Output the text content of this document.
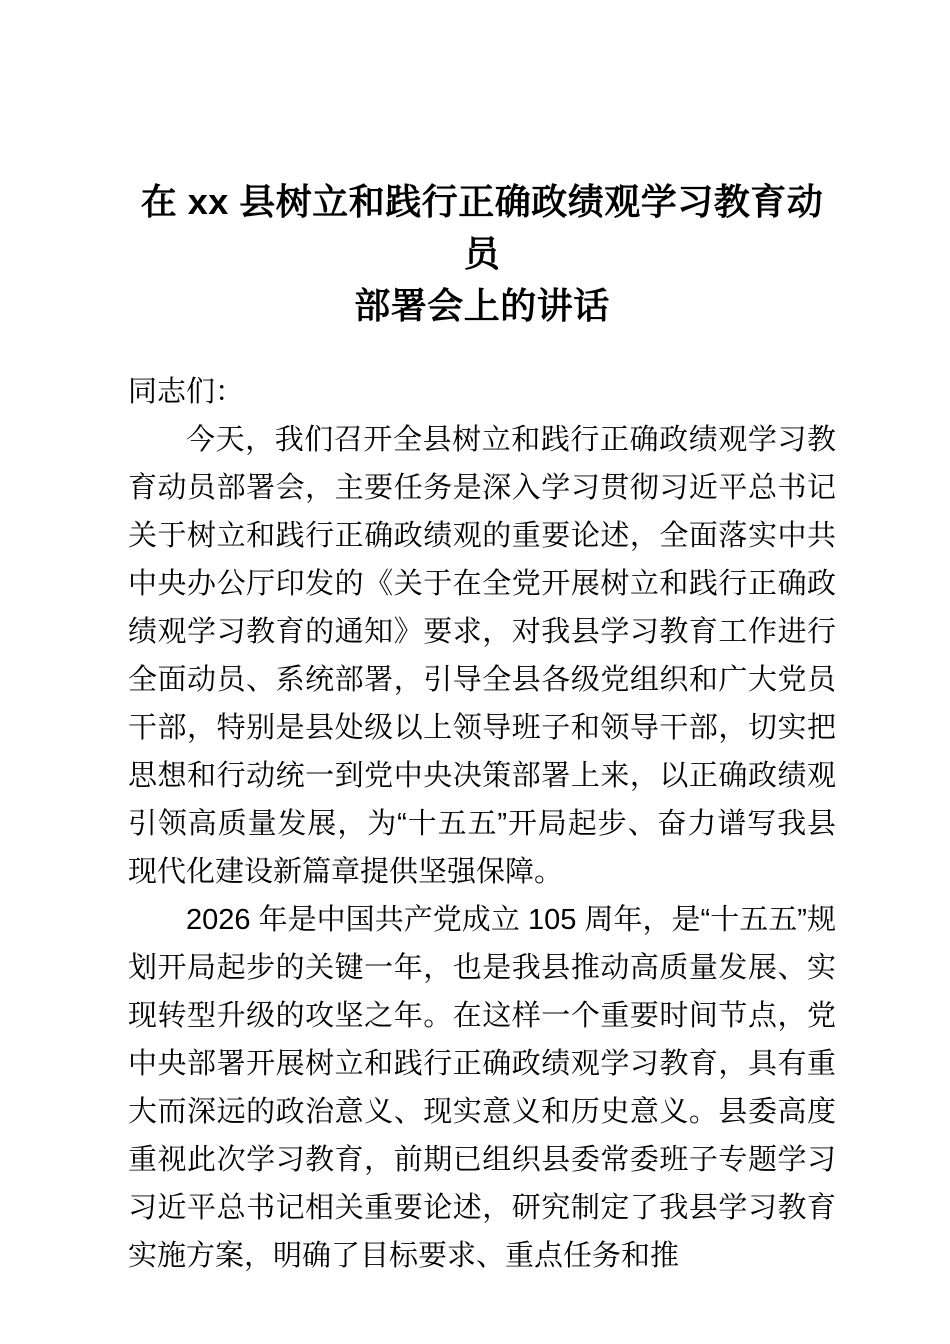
在 xx 县树立和践行正确政绩观学习教育动员
部署会上的讲话

同志们：

今天，我们召开全县树立和践行正确政绩观学习教育动员部署会，主要任务是深入学习贯彻习近平总书记关于树立和践行正确政绩观的重要论述，全面落实中共中央办公厅印发的《关于在全党开展树立和践行正确政绩观学习教育的通知》要求，对我县学习教育工作进行全面动员、系统部署，引导全县各级党组织和广大党员干部，特别是县处级以上领导班子和领导干部，切实把思想和行动统一到党中央决策部署上来，以正确政绩观引领高质量发展，为“十五五”开局起步、奋力谱写我县现代化建设新篇章提供坚强保障。

2026 年是中国共产党成立 105 周年，是“十五五”规划开局起步的关键一年，也是我县推动高质量发展、实现转型升级的攻坚之年。在这样一个重要时间节点，党中央部署开展树立和践行正确政绩观学习教育，具有重大而深远的政治意义、现实意义和历史意义。县委高度重视此次学习教育，前期已组织县委常委班子专题学习习近平总书记相关重要论述，研究制定了我县学习教育实施方案，明确了目标要求、重点任务和推
